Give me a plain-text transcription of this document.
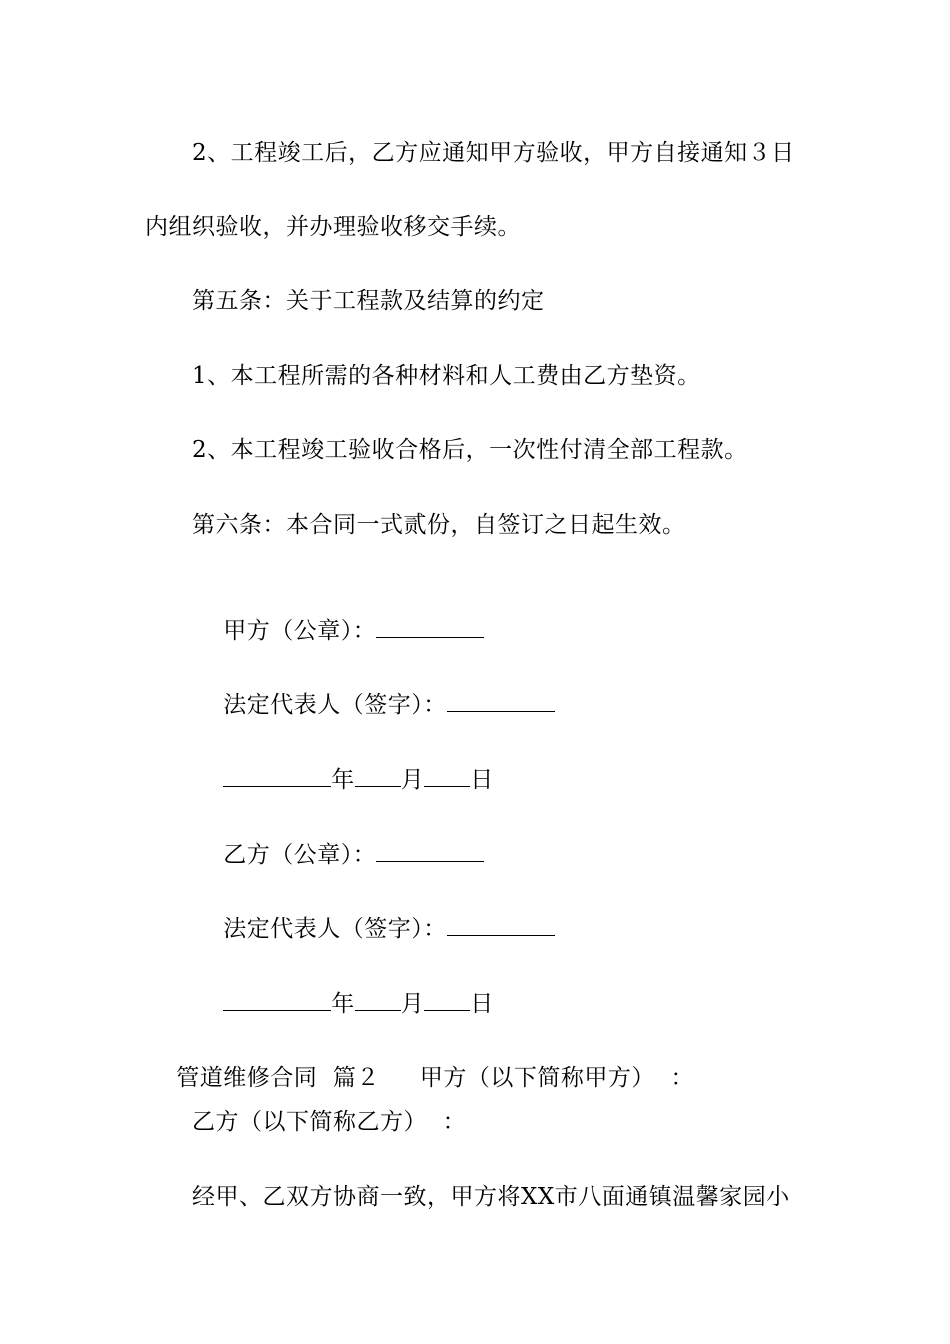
2、工程竣工后，乙方应通知甲方验收，甲方自接通知３日
内组织验收，并办理验收移交手续。
第五条：关于工程款及结算的约定
1、本工程所需的各种材料和人工费由乙方垫资。
2、本工程竣工验收合格后，一次性付清全部工程款。
第六条：本合同一式贰份，自签订之日起生效。

甲方（公章）：

法定代表人（签字）：

年 月 日

乙方（公章）：

法定代表人（签字）：

年 月 日

管道维修合同  篇２ 甲方（以下简称甲方）  ：

乙方（以下简称乙方）  ：
经甲、乙双方协商一致，甲方将XX市八面通镇温馨家园小
